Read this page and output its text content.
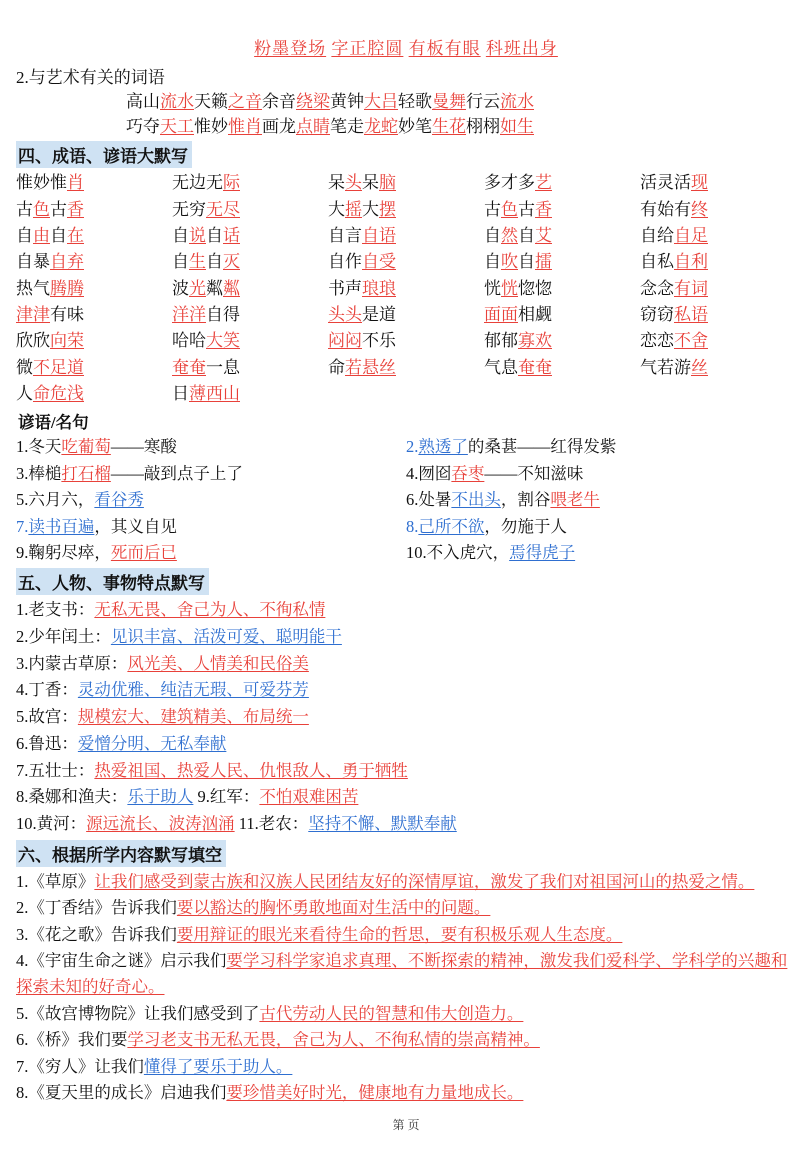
粉墨登场 字正腔圆 有板有眼 科班出身
2.与艺术有关的词语
高山流水天籁之音余音绕梁黄钟大吕轻歌曼舞行云流水
巧夺天工惟妙惟肖画龙点睛笔走龙蛇妙笔生花栩栩如生
四、成语、谚语大默写
惟妙惟肖	无边无际	呆头呆脑	多才多艺	活灵活现
古色古香	无穷无尽	大摇大摆	古色古香	有始有终
自由自在	自说自话	自言自语	自然自艾	自给自足
自暴自弃	自生自灭	自作自受	自吹自擂	自私自利
热气腾腾	波光粼粼	书声琅琅	恍恍惚惚	念念有词
津津有味	洋洋自得	头头是道	面面相觑	窃窃私语
欣欣向荣	哈哈大笑	闷闷不乐	郁郁寡欢	恋恋不舍
微不足道	奄奄一息	命若悬丝	气息奄奄	气若游丝
人命危浅	日薄西山
谚语/名句
1.冬天吃葡萄——寒酸	2.熟透了的桑葚——红得发紫
3.棒槌打石榴——敲到点子上了	4.囫囵吞枣——不知滋味
5.六月六，看谷秀	6.处暑不出头，割谷喂老牛
7.读书百遍，其义自见	8.己所不欲，勿施于人
9.鞠躬尽瘁，死而后已	10.不入虎穴，焉得虎子
五、人物、事物特点默写
1.老支书：无私无畏、舍己为人、不徇私情
2.少年闰土：见识丰富、活泼可爱、聪明能干
3.内蒙古草原：风光美、人情美和民俗美
4.丁香：灵动优雅、纯洁无瑕、可爱芬芳
5.故宫：规模宏大、建筑精美、布局统一
6.鲁迅：爱憎分明、无私奉献
7.五壮士：热爱祖国、热爱人民、仇恨敌人、勇于牺牲
8.桑娜和渔夫：乐于助人 9.红军：不怕艰难困苦
10.黄河：源远流长、波涛汹涌 11.老农：坚持不懈、默默奉献
六、根据所学内容默写填空
1.《草原》让我们感受到蒙古族和汉族人民团结友好的深情厚谊，激发了我们对祖国河山的热爱之情。
2.《丁香结》告诉我们要以豁达的胸怀勇敢地面对生活中的问题。
3.《花之歌》告诉我们要用辩证的眼光来看待生命的哲思，要有积极乐观人生态度。
4.《宇宙生命之谜》启示我们要学习科学家追求真理、不断探索的精神，激发我们爱科学、学科学的兴趣和探索未知的好奇心。
5.《故宫博物院》让我们感受到了古代劳动人民的智慧和伟大创造力。
6.《桥》我们要学习老支书无私无畏，舍己为人、不徇私情的崇高精神。
7.《穷人》让我们懂得了要乐于助人。
8.《夏天里的成长》启迪我们要珍惜美好时光，健康地有力量地成长。
第 页
